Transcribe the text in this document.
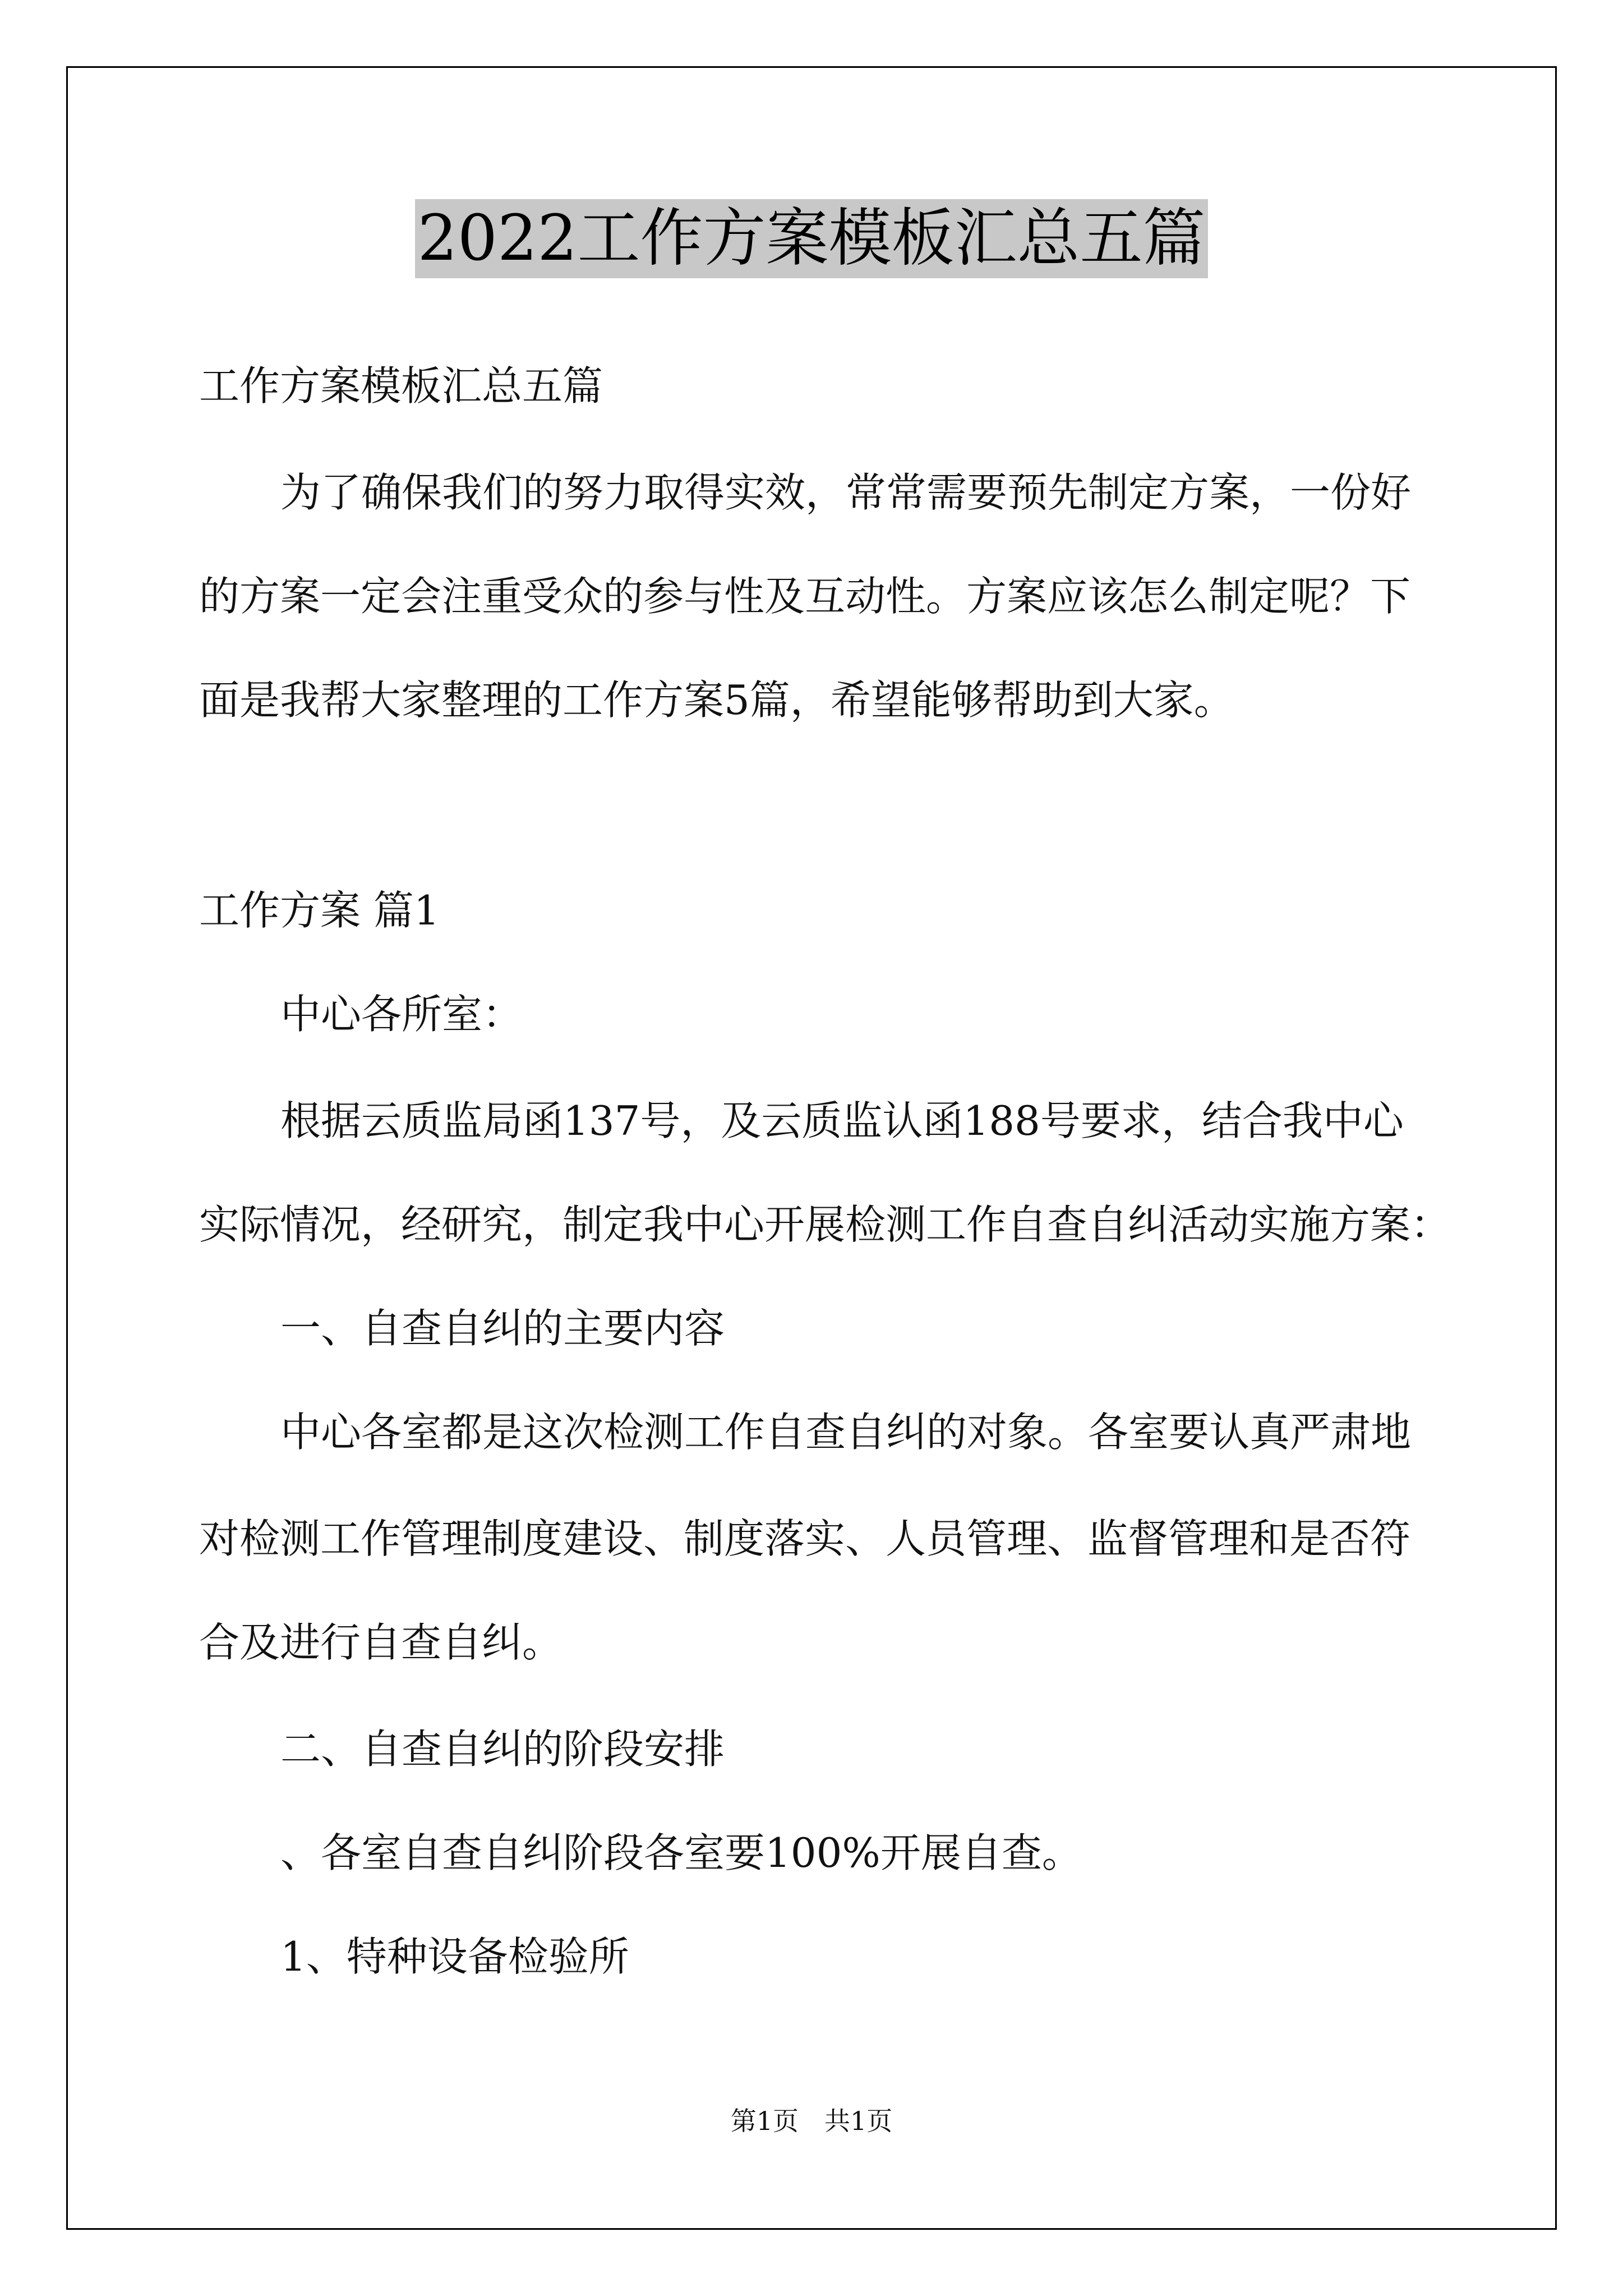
2022工作方案模板汇总五篇
工作方案模板汇总五篇
为了确保我们的努力取得实效，常常需要预先制定方案，一份好
的方案一定会注重受众的参与性及互动性。方案应该怎么制定呢？下
面是我帮大家整理的工作方案5篇，希望能够帮助到大家。
工作方案 篇1
中心各所室：
根据云质监局函137号，及云质监认函188号要求，结合我中心
实际情况，经研究，制定我中心开展检测工作自查自纠活动实施方案：
一、自查自纠的主要内容
中心各室都是这次检测工作自查自纠的对象。各室要认真严肃地
对检测工作管理制度建设、制度落实、人员管理、监督管理和是否符
合及进行自查自纠。
二、自查自纠的阶段安排
、各室自查自纠阶段各室要100%开展自查。
1、特种设备检验所
第1页　共1页
